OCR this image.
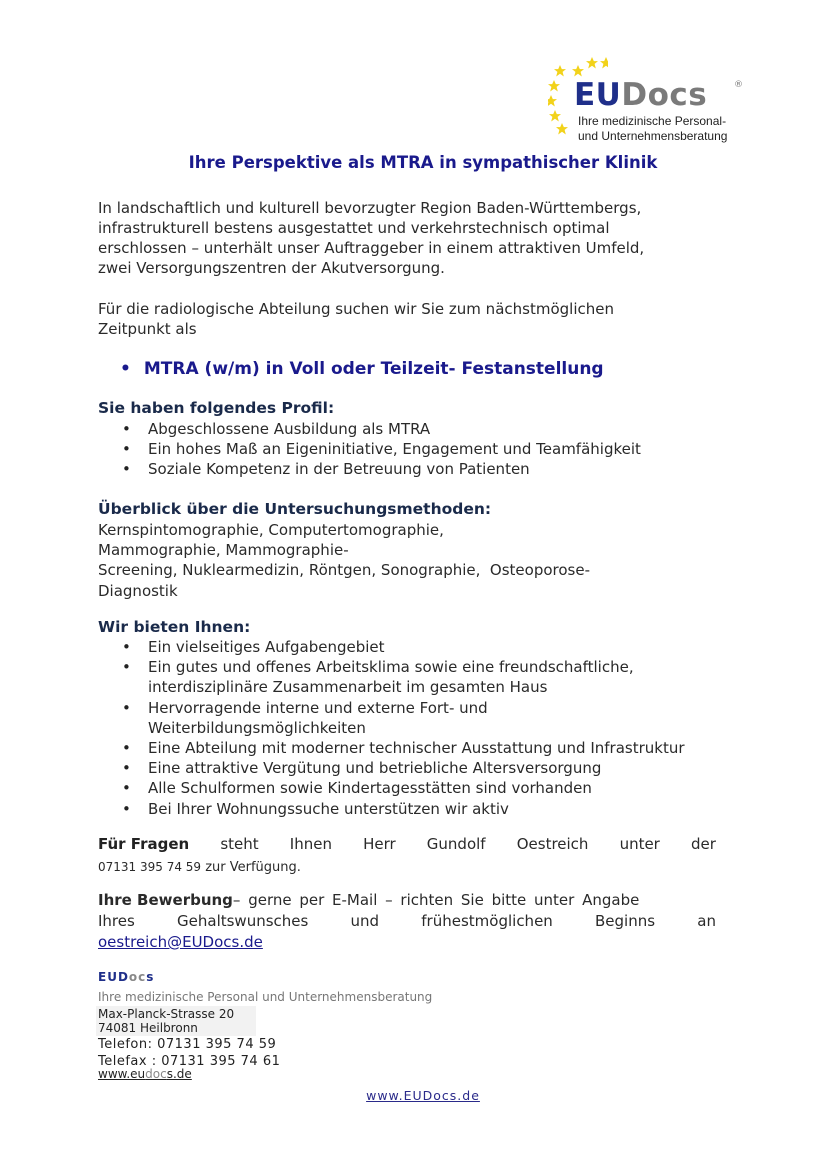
EUDocs	®
Ihre medizinische Personal-
und Unternehmensberatung
Ihre Perspektive als MTRA in sympathischer Klinik
In landschaftlich und kulturell bevorzugter Region Baden-Württembergs,
infrastrukturell bestens ausgestattet und verkehrstechnisch optimal
erschlossen – unterhält unser Auftraggeber in einem attraktiven Umfeld,
zwei Versorgungszentren der Akutversorgung.
Für die radiologische Abteilung suchen wir Sie zum nächstmöglichen
Zeitpunkt als
• MTRA (w/m) in Voll oder Teilzeit- Festanstellung
Sie haben folgendes Profil:
• Abgeschlossene Ausbildung als MTRA
• Ein hohes Maß an Eigeninitiative, Engagement und Teamfähigkeit
• Soziale Kompetenz in der Betreuung von Patienten
Überblick über die Untersuchungsmethoden:
Kernspintomographie, Computertomographie,
Mammographie, Mammographie-
Screening, Nuklearmedizin, Röntgen, Sonographie,  Osteoporose-
Diagnostik
Wir bieten Ihnen:
• Ein vielseitiges Aufgabengebiet
• Ein gutes und offenes Arbeitsklima sowie eine freundschaftliche,
interdisziplinäre Zusammenarbeit im gesamten Haus
• Hervorragende interne und externe Fort- und
Weiterbildungsmöglichkeiten
• Eine Abteilung mit moderner technischer Ausstattung und Infrastruktur
• Eine attraktive Vergütung und betriebliche Altersversorgung
• Alle Schulformen sowie Kindertagesstätten sind vorhanden
• Bei Ihrer Wohnungssuche unterstützen wir aktiv
Für Fragen steht Ihnen Herr Gundolf Oestreich unter der
07131 395 74 59 zur Verfügung.
Ihre Bewerbung– gerne per E-Mail – richten Sie bitte unter Angabe
Ihres	Gehaltswunsches	und	frühestmöglichen	Beginns	an
oestreich@EUDocs.de
EUDocs
Ihre medizinische Personal und Unternehmensberatung
Max-Planck-Strasse 20
74081 Heilbronn
Telefon: 07131 395 74 59
Telefax : 07131 395 74 61
www.eudocs.de
www.EUDocs.de
